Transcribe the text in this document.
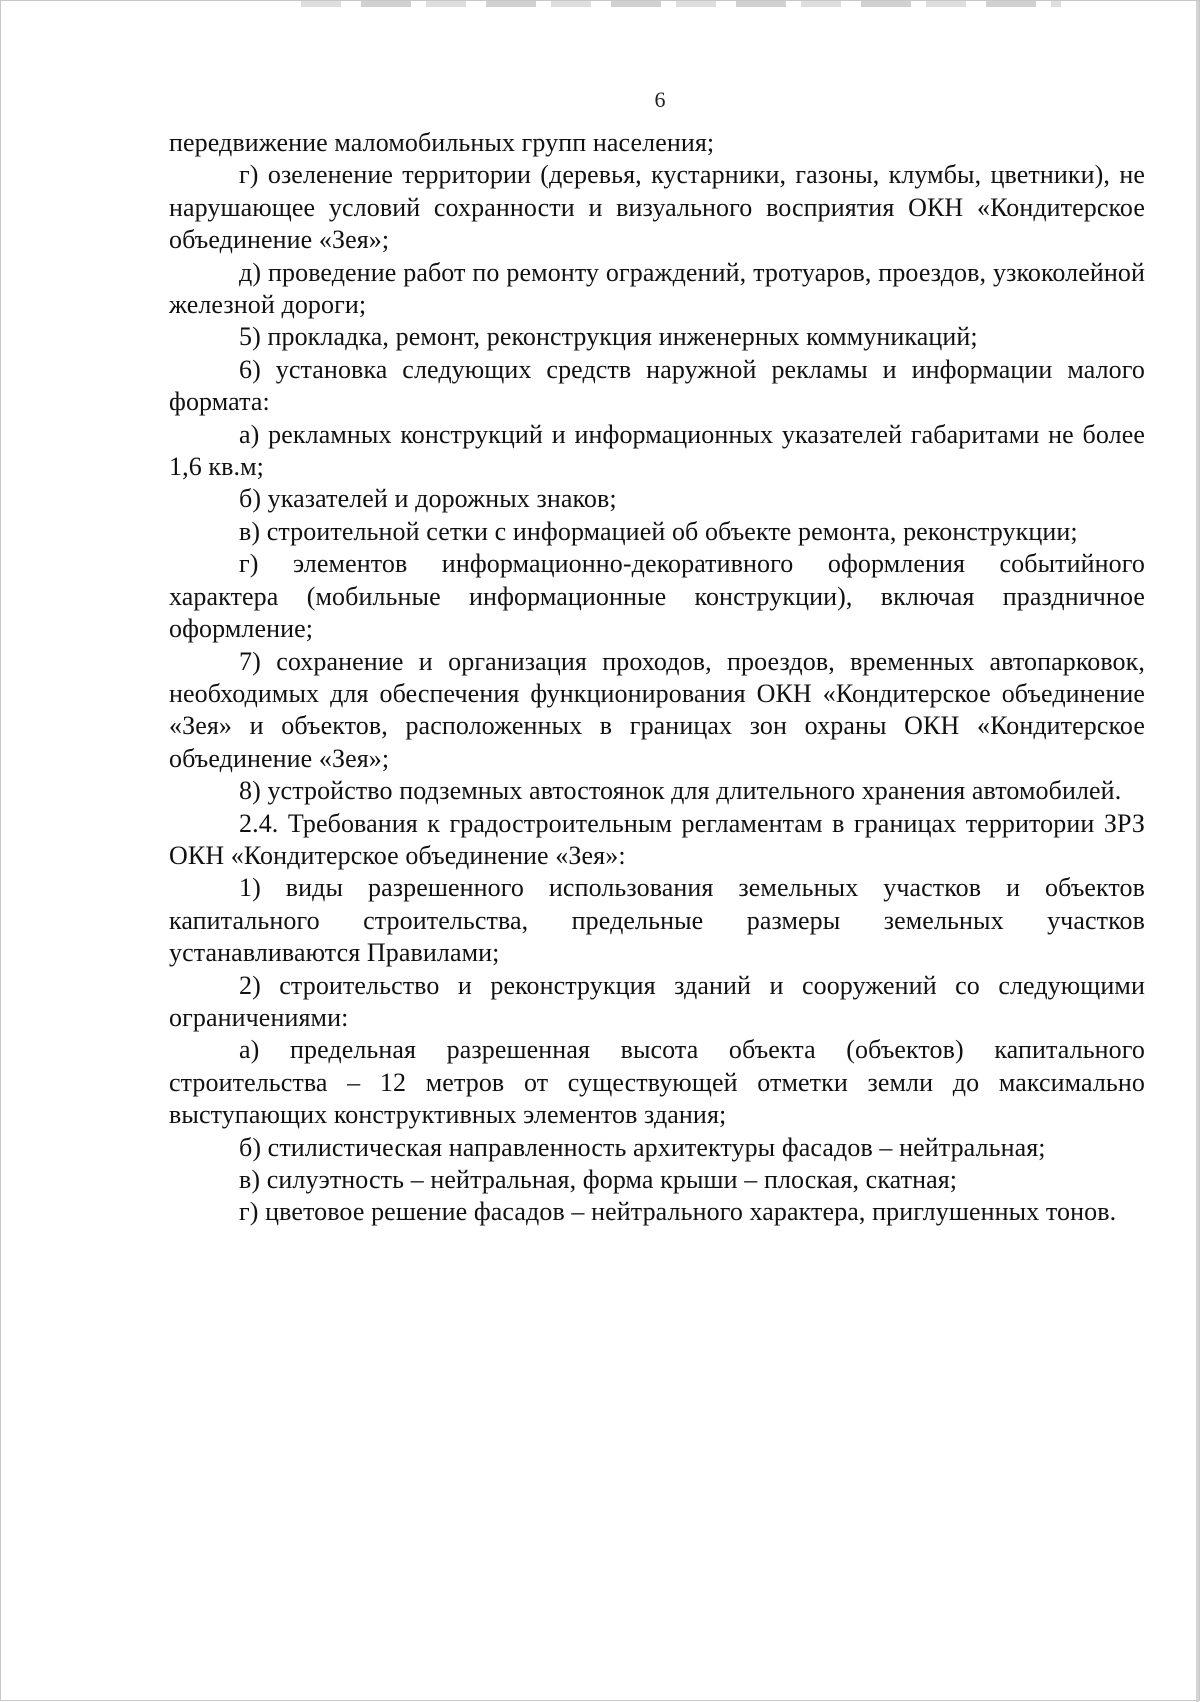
6

передвижение маломобильных групп населения;

г) озеленение территории (деревья, кустарники, газоны, клумбы, цветники), не нарушающее условий сохранности и визуального восприятия ОКН «Кондитерское объединение «Зея»;

д) проведение работ по ремонту ограждений, тротуаров, проездов, узкоколейной железной дороги;

5) прокладка, ремонт, реконструкция инженерных коммуникаций;

6) установка следующих средств наружной рекламы и информации малого формата:

а) рекламных конструкций и информационных указателей габаритами не более 1,6 кв.м;

б) указателей и дорожных знаков;

в) строительной сетки с информацией об объекте ремонта, реконструкции;

г) элементов информационно-декоративного оформления событийного характера (мобильные информационные конструкции), включая праздничное оформление;

7) сохранение и организация проходов, проездов, временных автопарковок, необходимых для обеспечения функционирования ОКН «Кондитерское объединение «Зея» и объектов, расположенных в границах зон охраны ОКН «Кондитерское объединение «Зея»;

8) устройство подземных автостоянок для длительного хранения автомобилей.

2.4. Требования к градостроительным регламентам в границах территории ЗРЗ ОКН «Кондитерское объединение «Зея»:

1) виды разрешенного использования земельных участков и объектов капитального строительства, предельные размеры земельных участков устанавливаются Правилами;

2) строительство и реконструкция зданий и сооружений со следующими ограничениями:

а) предельная разрешенная высота объекта (объектов) капитального строительства – 12 метров от существующей отметки земли до максимально выступающих конструктивных элементов здания;

б) стилистическая направленность архитектуры фасадов – нейтральная;

в) силуэтность – нейтральная, форма крыши – плоская, скатная;

г) цветовое решение фасадов – нейтрального характера, приглушенных тонов.
